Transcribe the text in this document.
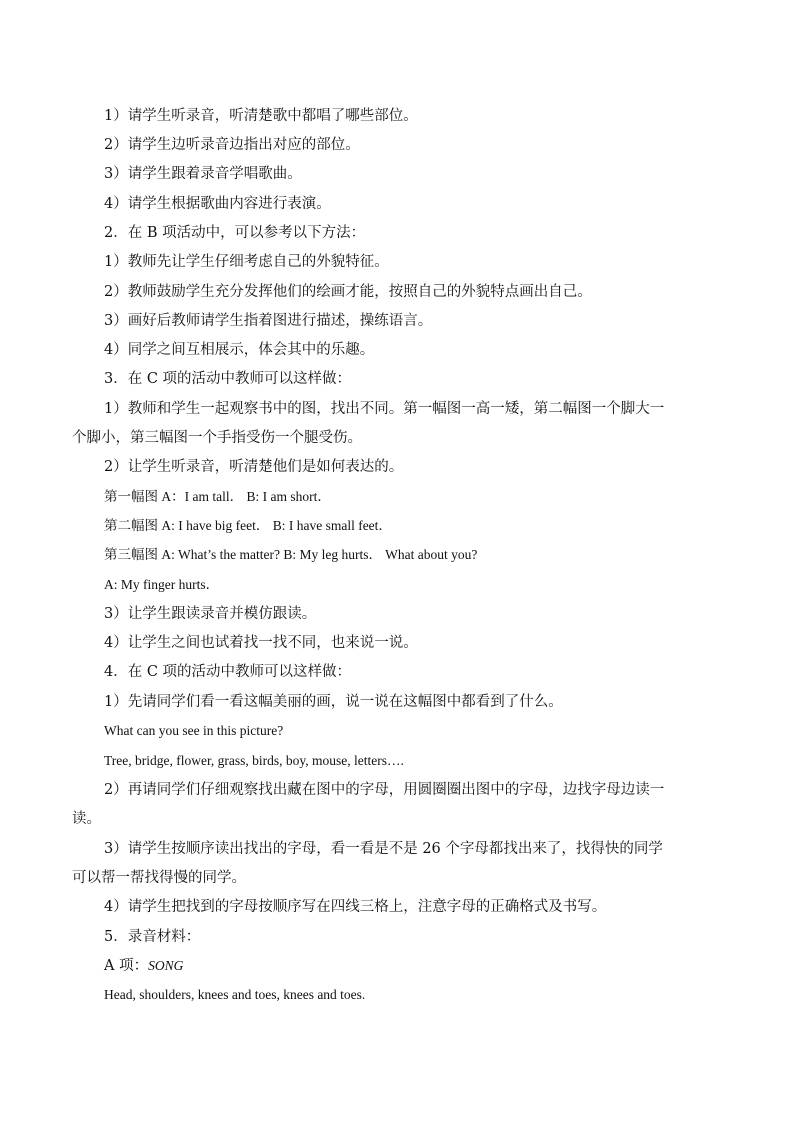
1）请学生听录音，听清楚歌中都唱了哪些部位。
2）请学生边听录音边指出对应的部位。
3）请学生跟着录音学唱歌曲。
4）请学生根据歌曲内容进行表演。
2．在 B 项活动中，可以参考以下方法：
1）教师先让学生仔细考虑自己的外貌特征。
2）教师鼓励学生充分发挥他们的绘画才能，按照自己的外貌特点画出自己。
3）画好后教师请学生指着图进行描述，操练语言。
4）同学之间互相展示，体会其中的乐趣。
3．在 C 项的活动中教师可以这样做：
1）教师和学生一起观察书中的图，找出不同。第一幅图一高一矮，第二幅图一个脚大一
个脚小，第三幅图一个手指受伤一个腿受伤。
2）让学生听录音，听清楚他们是如何表达的。
第一幅图 A：I am tall． B: I am short．
第二幅图 A: I have big feet． B: I have small feet．
第三幅图 A: What’s the matter? B: My leg hurts． What about you?
A: My finger hurts．
3）让学生跟读录音并模仿跟读。
4）让学生之间也试着找一找不同，也来说一说。
4．在 C 项的活动中教师可以这样做：
1）先请同学们看一看这幅美丽的画，说一说在这幅图中都看到了什么。
What can you see in this picture?
Tree, bridge, flower, grass, birds, boy, mouse, letters….
2）再请同学们仔细观察找出藏在图中的字母，用圆圈圈出图中的字母，边找字母边读一
读。
3）请学生按顺序读出找出的字母，看一看是不是 26 个字母都找出来了，找得快的同学
可以帮一帮找得慢的同学。
4）请学生把找到的字母按顺序写在四线三格上，注意字母的正确格式及书写。
5．录音材料：
A 项：SONG
Head, shoulders, knees and toes, knees and toes.
